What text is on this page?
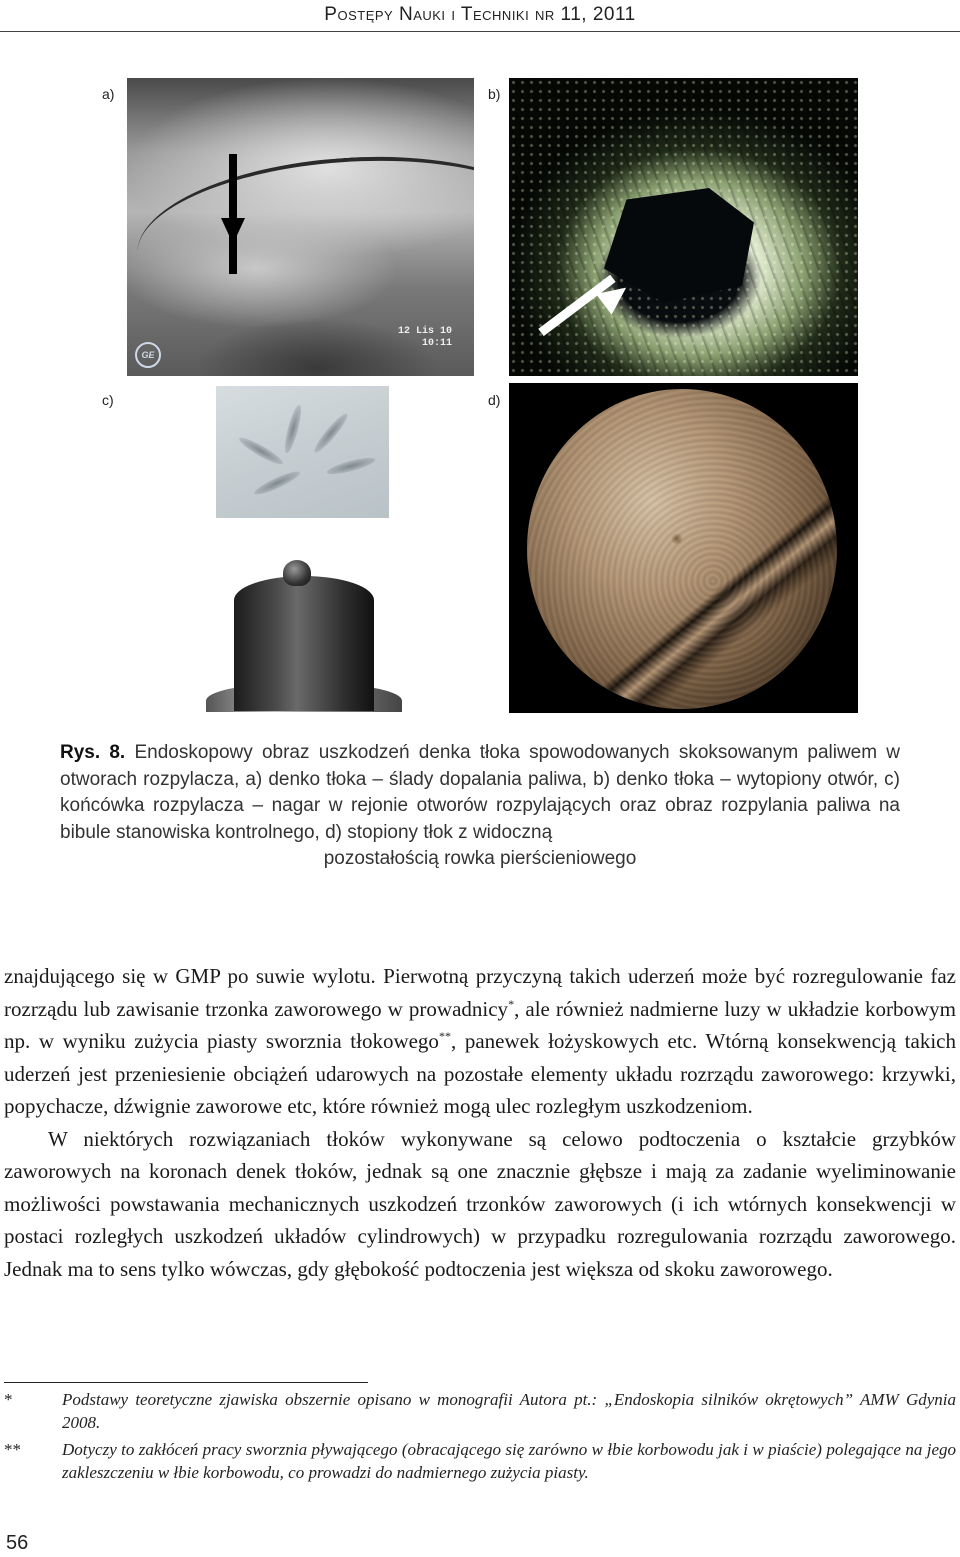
Postępy Nauki i Techniki nr 11, 2011
a)	b)
c)	d)
12 Lis 10
10:11
GE
Rys. 8. Endoskopowy obraz uszkodzeń denka tłoka spowodowanych skoksowanym paliwem w otworach rozpylacza, a) denko tłoka – ślady dopalania paliwa, b) denko tłoka – wytopiony otwór, c) końcówka rozpylacza – nagar w rejonie otworów rozpylających oraz obraz rozpylania paliwa na bibule stanowiska kontrolnego, d) stopiony tłok z widoczną
pozostałością rowka pierścieniowego

znajdującego się w GMP po suwie wylotu. Pierwotną przyczyną takich uderzeń może być rozregulowanie faz rozrządu lub zawisanie trzonka zaworowego w prowadnicy*, ale również nadmierne luzy w układzie korbowym np. w wyniku zużycia piasty sworznia tłokowego**, panewek łożyskowych etc. Wtórną konsekwencją takich uderzeń jest przeniesienie obciążeń udarowych na pozostałe elementy układu rozrządu zaworowego: krzywki, popychacze, dźwignie zaworowe etc, które również mogą ulec rozległym uszkodzeniom.

W niektórych rozwiązaniach tłoków wykonywane są celowo podtoczenia o kształcie grzybków zaworowych na koronach denek tłoków, jednak są one znacznie głębsze i mają za zadanie wyeliminowanie możliwości powstawania mechanicznych uszkodzeń trzonków zaworowych (i ich wtórnych konsekwencji w postaci rozległych uszkodzeń układów cylindrowych) w przypadku rozregulowania rozrządu zaworowego. Jednak ma to sens tylko wówczas, gdy głębokość podtoczenia jest większa od skoku zaworowego.

*	Podstawy teoretyczne zjawiska obszernie opisano w monografii Autora pt.: „Endoskopia silników okrętowych” AMW Gdynia 2008.
** Dotyczy to zakłóceń pracy sworznia pływającego (obracającego się zarówno w łbie korbowodu jak i w piaście) polegające na jego zakleszczeniu w łbie korbowodu, co prowadzi do nadmiernego zużycia piasty.
56
